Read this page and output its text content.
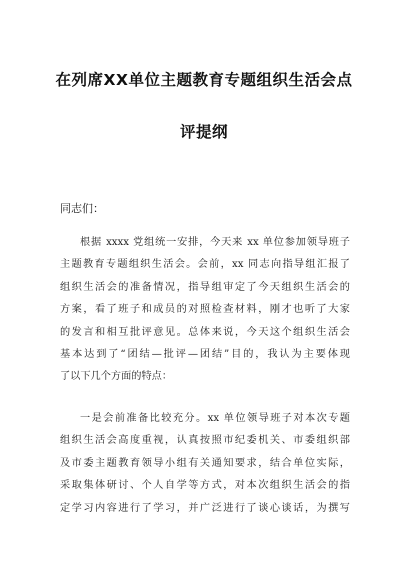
在列席XX单位主题教育专题组织生活会点
评提纲
同志们：
根据 xxxx 党组统一安排，今天来 xx 单位参加领导班子
主题教育专题组织生活会。会前，xx 同志向指导组汇报了
组织生活会的准备情况，指导组审定了今天组织生活会的
方案，看了班子和成员的对照检查材料，刚才也听了大家
的发言和相互批评意见。总体来说，今天这个组织生活会
基本达到了“团结—批评—团结”目的，我认为主要体现
了以下几个方面的特点：
一是会前准备比较充分。xx 单位领导班子对本次专题
组织生活会高度重视，认真按照市纪委机关、市委组织部
及市委主题教育领导小组有关通知要求，结合单位实际，
采取集体研讨、个人自学等方式，对本次组织生活会的指
定学习内容进行了学习，并广泛进行了谈心谈话，为撰写
